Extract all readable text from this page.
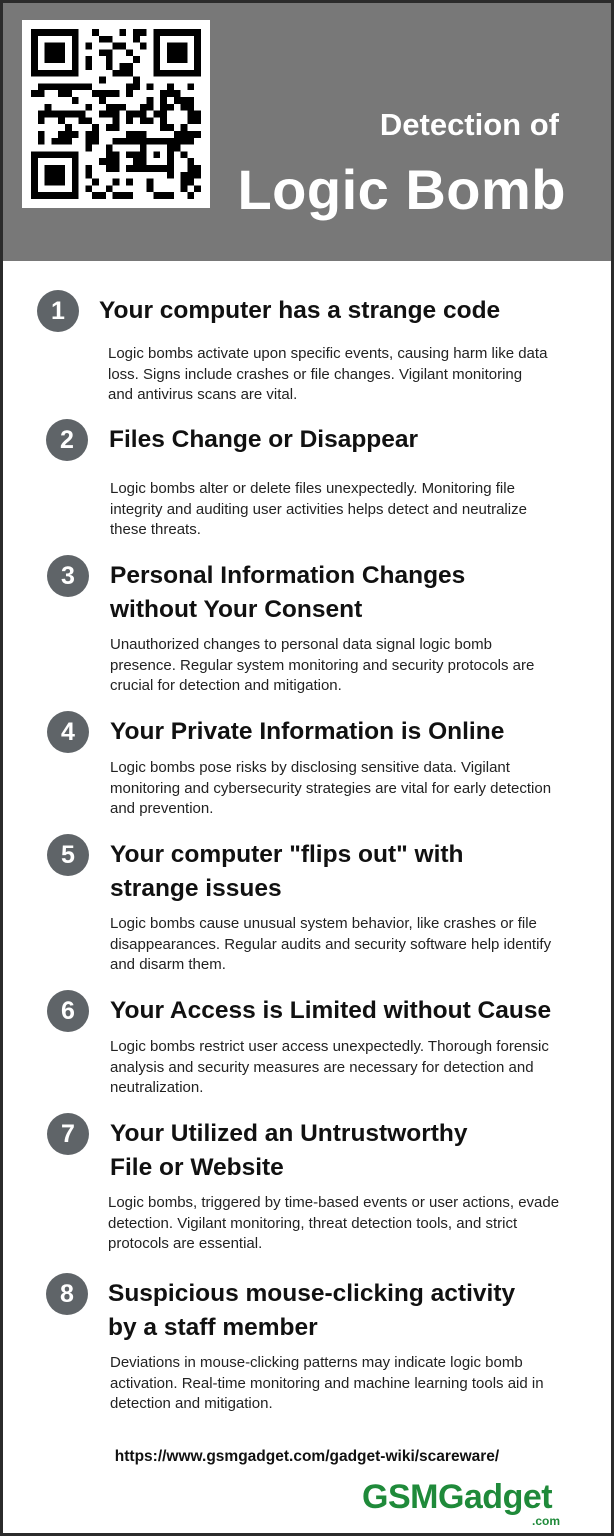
Detection of
Logic Bomb
1	Your computer has a strange code
Logic bombs activate upon specific events, causing harm like data loss. Signs include crashes or file changes. Vigilant monitoring and antivirus scans are vital.
2	Files Change or Disappear
Logic bombs alter or delete files unexpectedly. Monitoring file integrity and auditing user activities helps detect and neutralize these threats.
3	Personal Information Changes without Your Consent
Unauthorized changes to personal data signal logic bomb presence. Regular system monitoring and security protocols are crucial for detection and mitigation.
4	Your Private Information is Online
Logic bombs pose risks by disclosing sensitive data. Vigilant monitoring and cybersecurity strategies are vital for early detection and prevention.
5	Your computer "flips out" with strange issues
Logic bombs cause unusual system behavior, like crashes or file disappearances. Regular audits and security software help identify and disarm them.
6	Your Access is Limited without Cause
Logic bombs restrict user access unexpectedly. Thorough forensic analysis and security measures are necessary for detection and neutralization.
7	Your Utilized an Untrustworthy File or Website
Logic bombs, triggered by time-based events or user actions, evade detection. Vigilant monitoring, threat detection tools, and strict protocols are essential.
8	Suspicious mouse-clicking activity by a staff member
Deviations in mouse-clicking patterns may indicate logic bomb activation. Real-time monitoring and machine learning tools aid in detection and mitigation.
https://www.gsmgadget.com/gadget-wiki/scareware/
GSMGadget
.com
